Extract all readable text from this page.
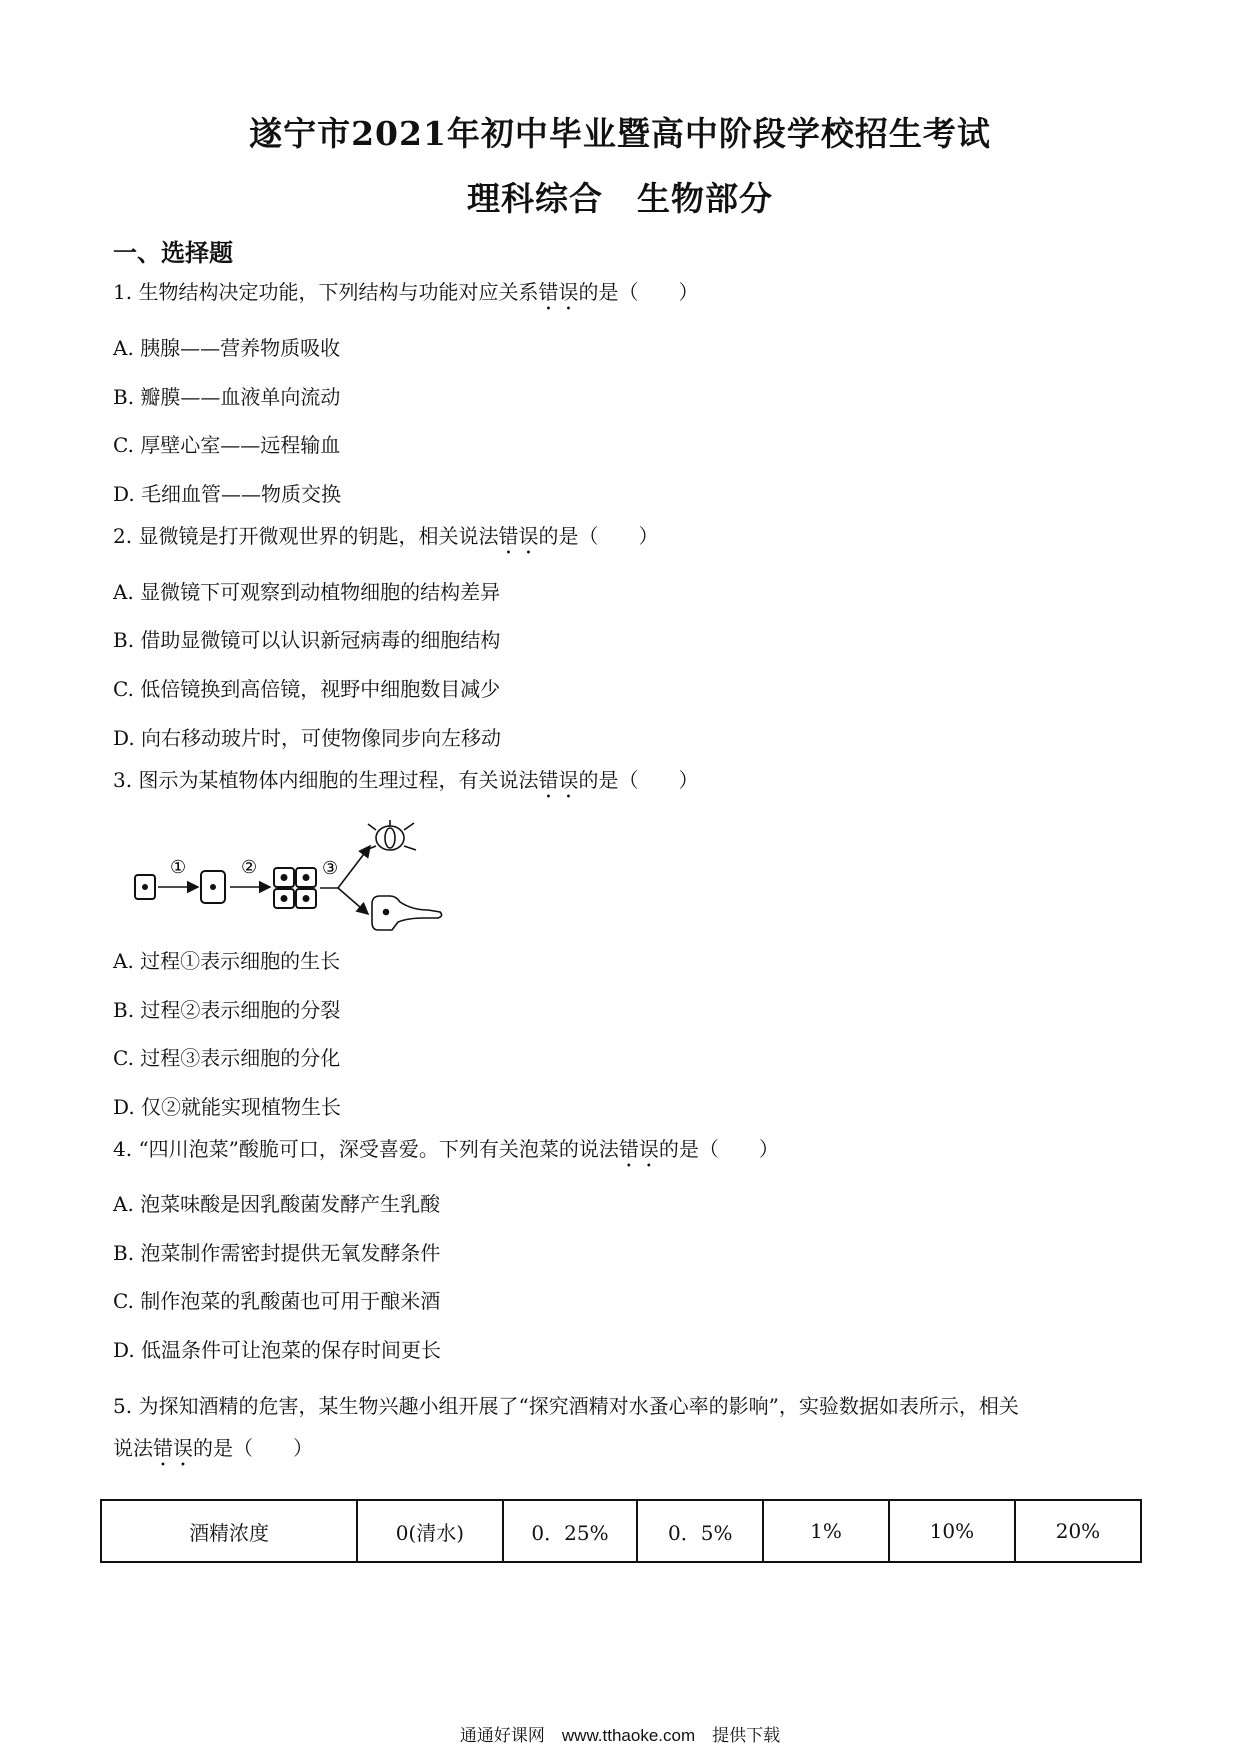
遂宁市2021年初中毕业暨高中阶段学校招生考试
理科综合　生物部分
一、选择题
1. 生物结构决定功能，下列结构与功能对应关系错误的是（　　）
A. 胰腺——营养物质吸收
B. 瓣膜——血液单向流动
C. 厚壁心室——远程输血
D. 毛细血管——物质交换
2. 显微镜是打开微观世界的钥匙，相关说法错误的是（　　）
A. 显微镜下可观察到动植物细胞的结构差异
B. 借助显微镜可以认识新冠病毒的细胞结构
C. 低倍镜换到高倍镜，视野中细胞数目减少
D. 向右移动玻片时，可使物像同步向左移动
3. 图示为某植物体内细胞的生理过程，有关说法错误的是（　　）
①	②	③
A. 过程①表示细胞的生长
B. 过程②表示细胞的分裂
C. 过程③表示细胞的分化
D. 仅②就能实现植物生长
4. “四川泡菜”酸脆可口，深受喜爱。下列有关泡菜的说法错误的是（　　）
A. 泡菜味酸是因乳酸菌发酵产生乳酸
B. 泡菜制作需密封提供无氧发酵条件
C. 制作泡菜的乳酸菌也可用于酿米酒
D. 低温条件可让泡菜的保存时间更长
5. 为探知酒精的危害，某生物兴趣小组开展了“探究酒精对水蚤心率的影响”，实验数据如表所示，相关
说法错误的是（　　）
酒精浓度	0(清水)	0．25%	0．5%	1%	10%	20%
通通好课网　www.tthaoke.com　提供下载
